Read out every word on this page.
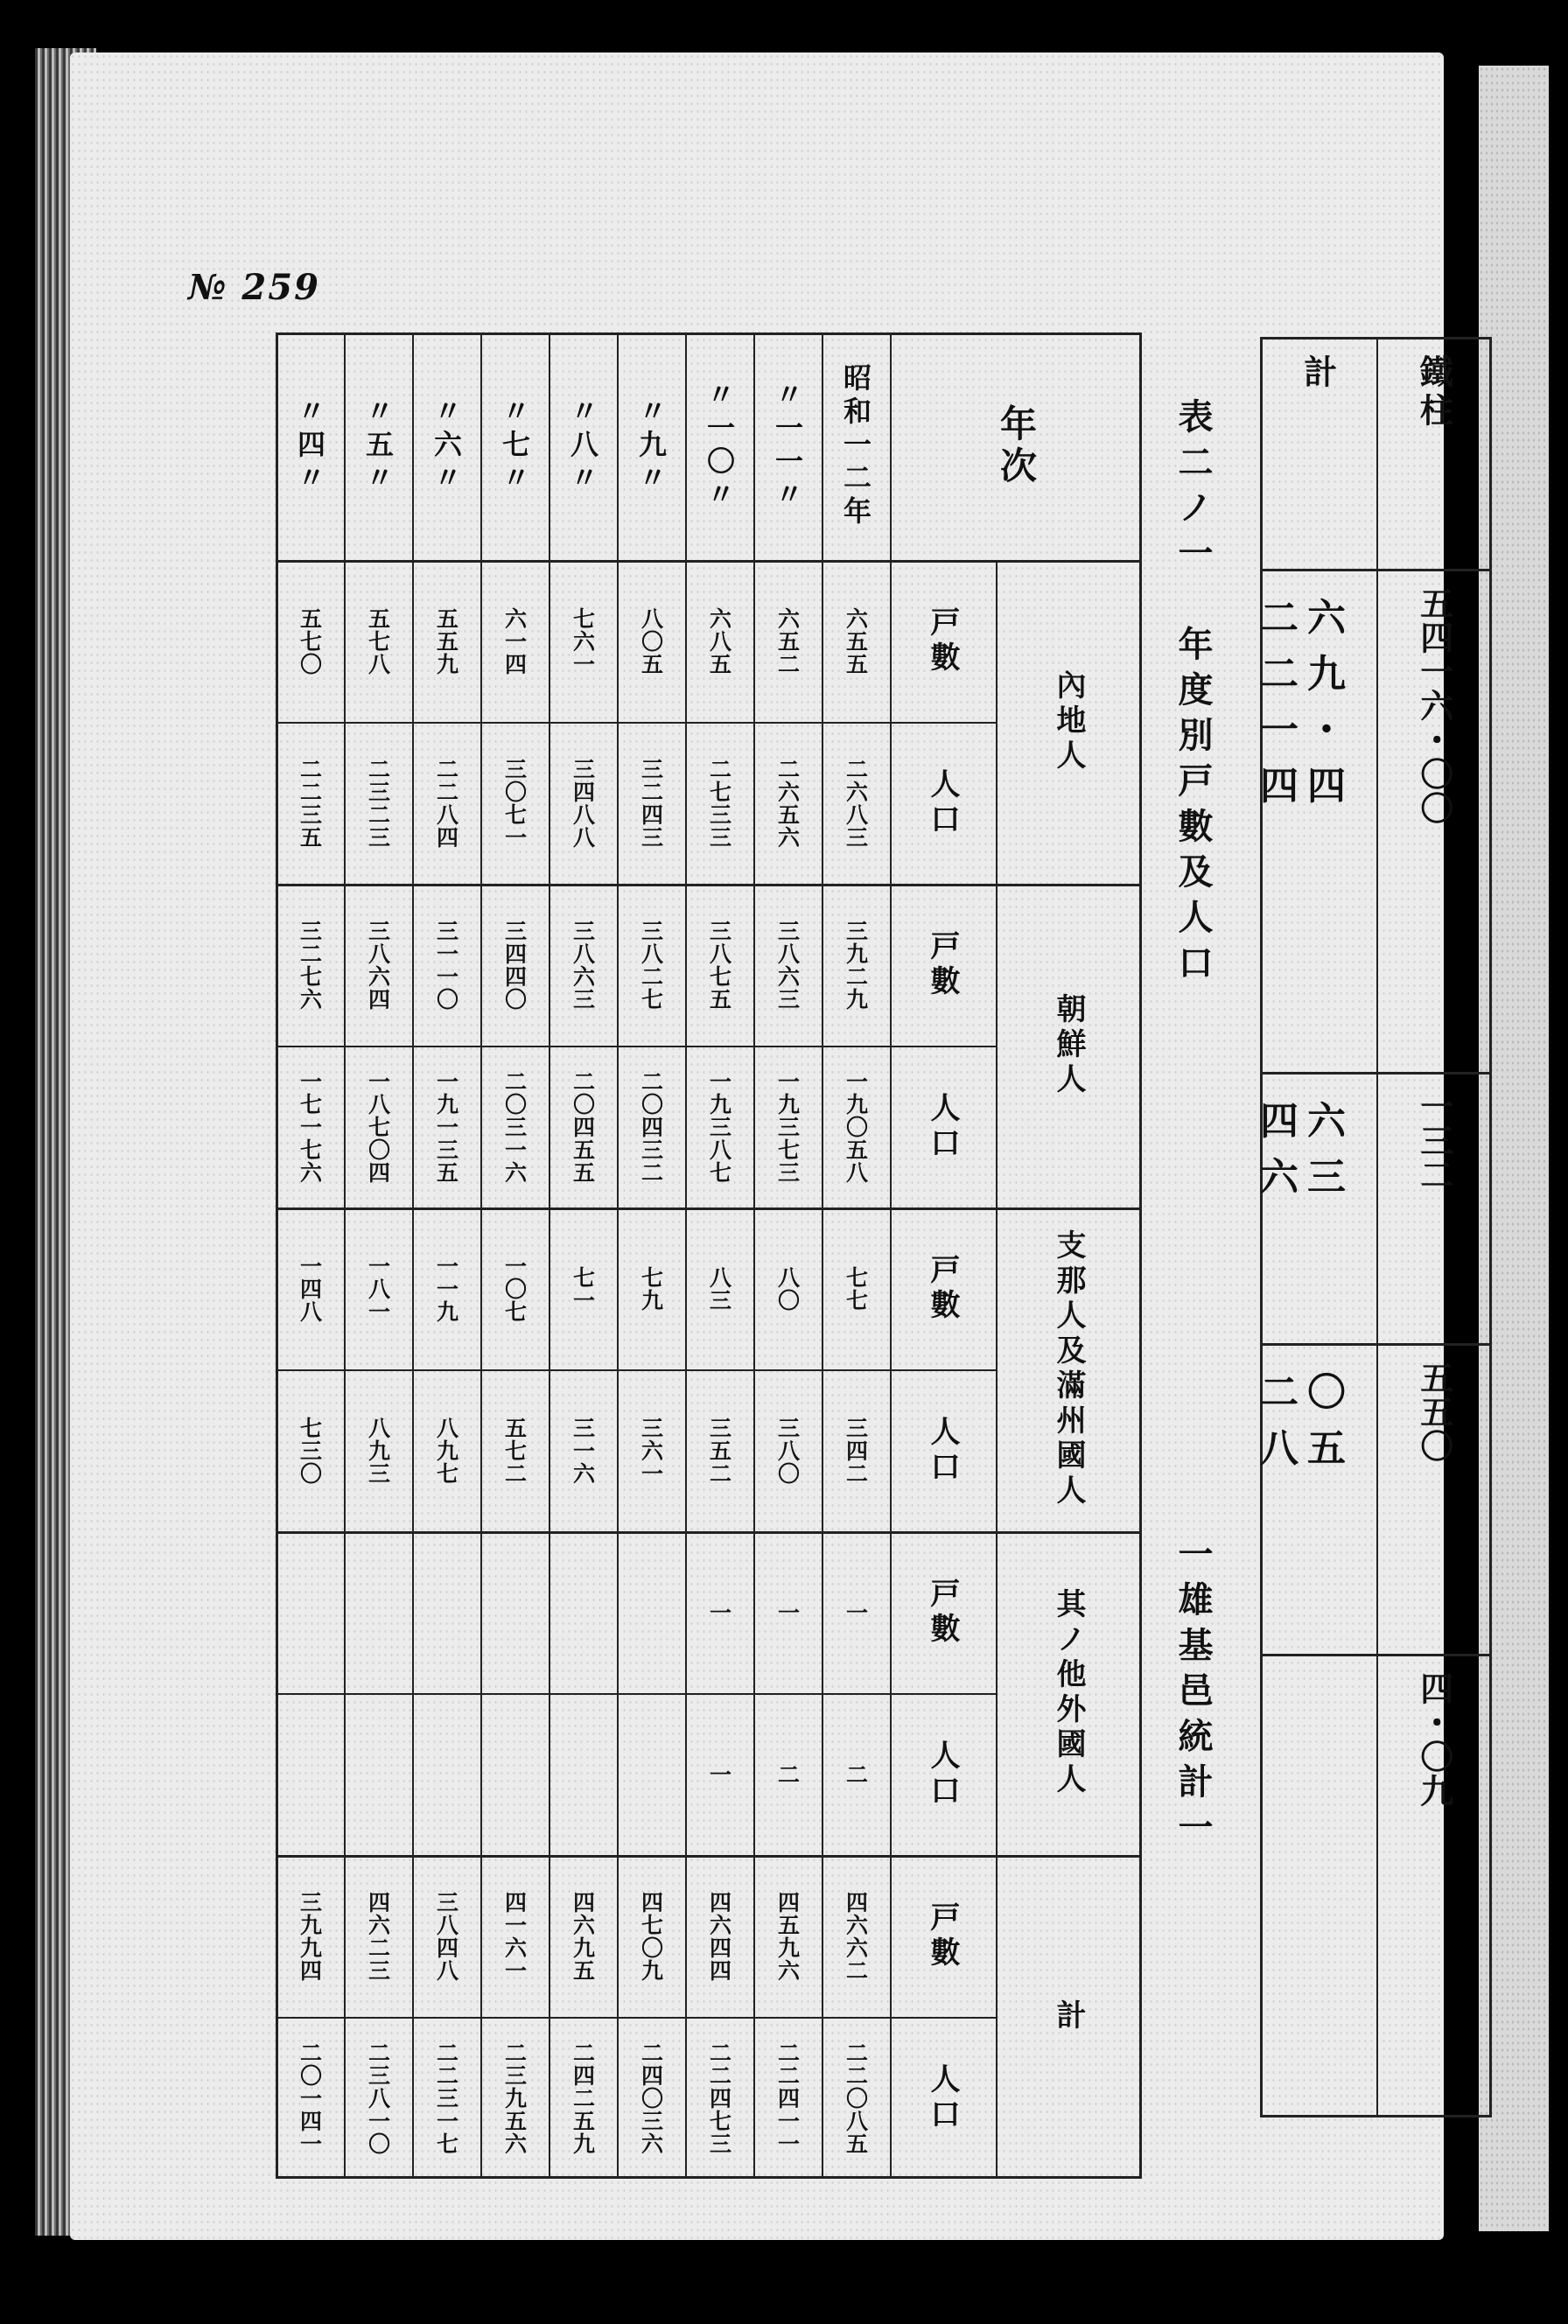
年次
昭和一二年
〃一一〃
〃一〇〃
〃九〃
〃八〃
〃七〃
〃六〃
〃五〃
〃四〃
內地人
戸數
人口
朝鮮人
戸數
人口
支那人及滿州國人
戸數
人口
其ノ他外國人
戸數
人口
計
戸數
人口
六五五
二六八三
三九二九
一九〇五八
七七
三四二
一
二
四六六二
二二〇八五
六五二
二六五六
三八六三
一九三七三
八〇
三八〇
一
二
四五九六
二二四一一
六八五
二七三三
三八七五
一九三八七
八三
三五二
一
一
四六四四
二二四七三
八〇五
三二四三
三八二七
二〇四三二
七九
三六一
四七〇九
二四〇三六
七六一
三四八八
三八六三
二〇四五五
七一
三一六
四六九五
二四二五九
六一四
三〇七一
三四四〇
二〇三一六
一〇七
五七二
四一六一
二三九五六
五五九
二二八四
三一一〇
一九一三五
一一九
八九七
三八四八
二二三一七
五七八
二三二三
三八六四
一八七〇四
一八一
八九三
四六二三
二三八一〇
五七〇
二二三五
三二七六
一七一七六
一四八
七三〇
三九九四
二〇一四一
表二ノ一　年度別戸數及人口
一雄基邑統計一
鐵柱
計
五四一六・〇〇
二六二九一・四四
一三二
四六六三
五五〇
二〇八五
四・〇九
№ 259
